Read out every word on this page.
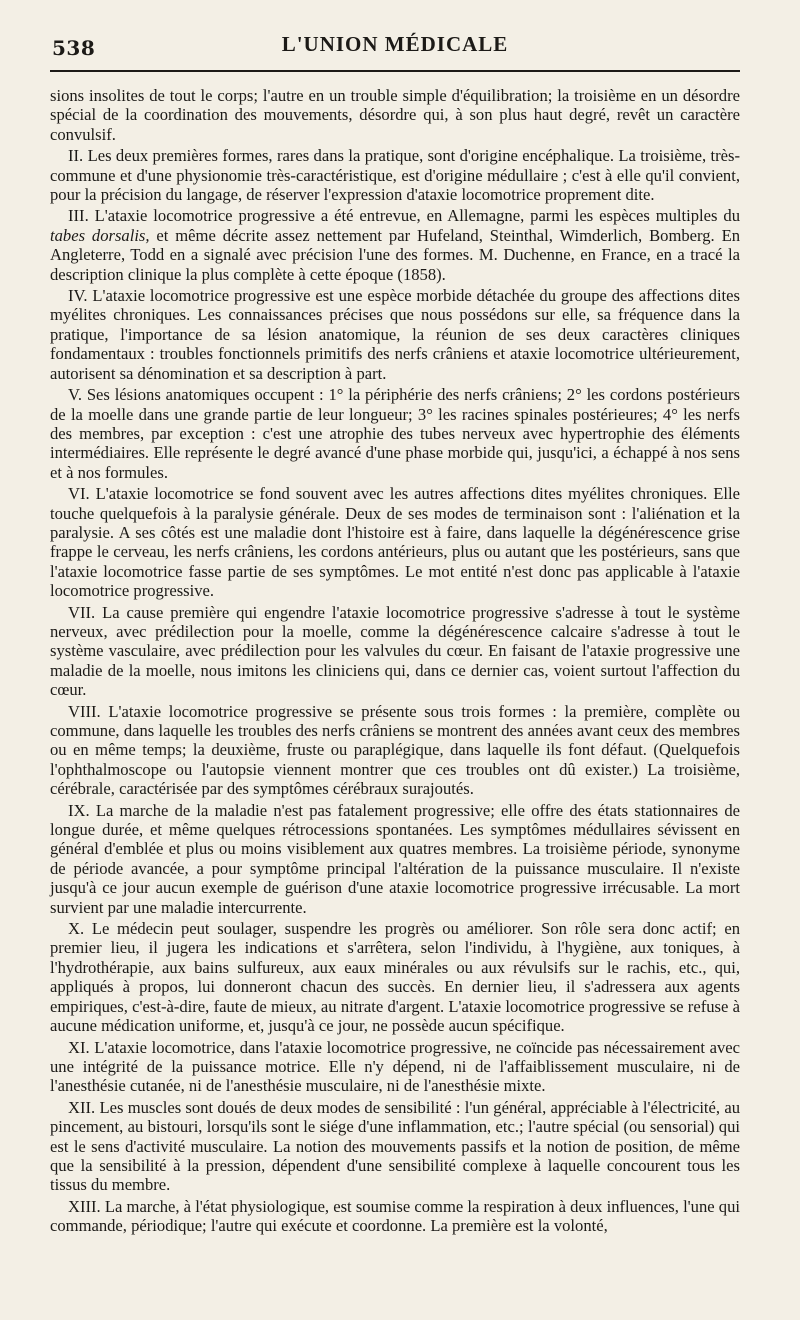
538	L'UNION MÉDICALE

sions insolites de tout le corps; l'autre en un trouble simple d'équilibration; la troisième en un désordre spécial de la coordination des mouvements, désordre qui, à son plus haut degré, revêt un caractère convulsif.

II. Les deux premières formes, rares dans la pratique, sont d'origine encéphalique. La troisième, très-commune et d'une physionomie très-caractéristique, est d'origine médullaire ; c'est à elle qu'il convient, pour la précision du langage, de réserver l'expression d'ataxie locomotrice proprement dite.

III. L'ataxie locomotrice progressive a été entrevue, en Allemagne, parmi les espèces multiples du tabes dorsalis, et même décrite assez nettement par Hufeland, Steinthal, Wimderlich, Bomberg. En Angleterre, Todd en a signalé avec précision l'une des formes. M. Duchenne, en France, en a tracé la description clinique la plus complète à cette époque (1858).

IV. L'ataxie locomotrice progressive est une espèce morbide détachée du groupe des affections dites myélites chroniques. Les connaissances précises que nous possédons sur elle, sa fréquence dans la pratique, l'importance de sa lésion anatomique, la réunion de ses deux caractères cliniques fondamentaux : troubles fonctionnels primitifs des nerfs crâniens et ataxie locomotrice ultérieurement, autorisent sa dénomination et sa description à part.

V. Ses lésions anatomiques occupent : 1° la périphérie des nerfs crâniens; 2° les cordons postérieurs de la moelle dans une grande partie de leur longueur; 3° les racines spinales postérieures; 4° les nerfs des membres, par exception : c'est une atrophie des tubes nerveux avec hypertrophie des éléments intermédiaires. Elle représente le degré avancé d'une phase morbide qui, jusqu'ici, a échappé à nos sens et à nos formules.

VI. L'ataxie locomotrice se fond souvent avec les autres affections dites myélites chroniques. Elle touche quelquefois à la paralysie générale. Deux de ses modes de terminaison sont : l'aliénation et la paralysie. A ses côtés est une maladie dont l'histoire est à faire, dans laquelle la dégénérescence grise frappe le cerveau, les nerfs crâniens, les cordons antérieurs, plus ou autant que les postérieurs, sans que l'ataxie locomotrice fasse partie de ses symptômes. Le mot entité n'est donc pas applicable à l'ataxie locomotrice progressive.

VII. La cause première qui engendre l'ataxie locomotrice progressive s'adresse à tout le système nerveux, avec prédilection pour la moelle, comme la dégénérescence calcaire s'adresse à tout le système vasculaire, avec prédilection pour les valvules du cœur. En faisant de l'ataxie progressive une maladie de la moelle, nous imitons les cliniciens qui, dans ce dernier cas, voient surtout l'affection du cœur.

VIII. L'ataxie locomotrice progressive se présente sous trois formes : la première, complète ou commune, dans laquelle les troubles des nerfs crâniens se montrent des années avant ceux des membres ou en même temps; la deuxième, fruste ou paraplégique, dans laquelle ils font défaut. (Quelquefois l'ophthalmoscope ou l'autopsie viennent montrer que ces troubles ont dû exister.) La troisième, cérébrale, caractérisée par des symptômes cérébraux surajoutés.

IX. La marche de la maladie n'est pas fatalement progressive; elle offre des états stationnaires de longue durée, et même quelques rétrocessions spontanées. Les symptômes médullaires sévissent en général d'emblée et plus ou moins visiblement aux quatres membres. La troisième période, synonyme de période avancée, a pour symptôme principal l'altération de la puissance musculaire. Il n'existe jusqu'à ce jour aucun exemple de guérison d'une ataxie locomotrice progressive irrécusable. La mort survient par une maladie intercurrente.

X. Le médecin peut soulager, suspendre les progrès ou améliorer. Son rôle sera donc actif; en premier lieu, il jugera les indications et s'arrêtera, selon l'individu, à l'hygiène, aux toniques, à l'hydrothérapie, aux bains sulfureux, aux eaux minérales ou aux révulsifs sur le rachis, etc., qui, appliqués à propos, lui donneront chacun des succès. En dernier lieu, il s'adressera aux agents empiriques, c'est-à-dire, faute de mieux, au nitrate d'argent. L'ataxie locomotrice progressive se refuse à aucune médication uniforme, et, jusqu'à ce jour, ne possède aucun spécifique.

XI. L'ataxie locomotrice, dans l'ataxie locomotrice progressive, ne coïncide pas nécessairement avec une intégrité de la puissance motrice. Elle n'y dépend, ni de l'affaiblissement musculaire, ni de l'anesthésie cutanée, ni de l'anesthésie musculaire, ni de l'anesthésie mixte.

XII. Les muscles sont doués de deux modes de sensibilité : l'un général, appréciable à l'électricité, au pincement, au bistouri, lorsqu'ils sont le siége d'une inflammation, etc.; l'autre spécial (ou sensorial) qui est le sens d'activité musculaire. La notion des mouvements passifs et la notion de position, de même que la sensibilité à la pression, dépendent d'une sensibilité complexe à laquelle concourent tous les tissus du membre.

XIII. La marche, à l'état physiologique, est soumise comme la respiration à deux influences, l'une qui commande, périodique; l'autre qui exécute et coordonne. La première est la volonté,
